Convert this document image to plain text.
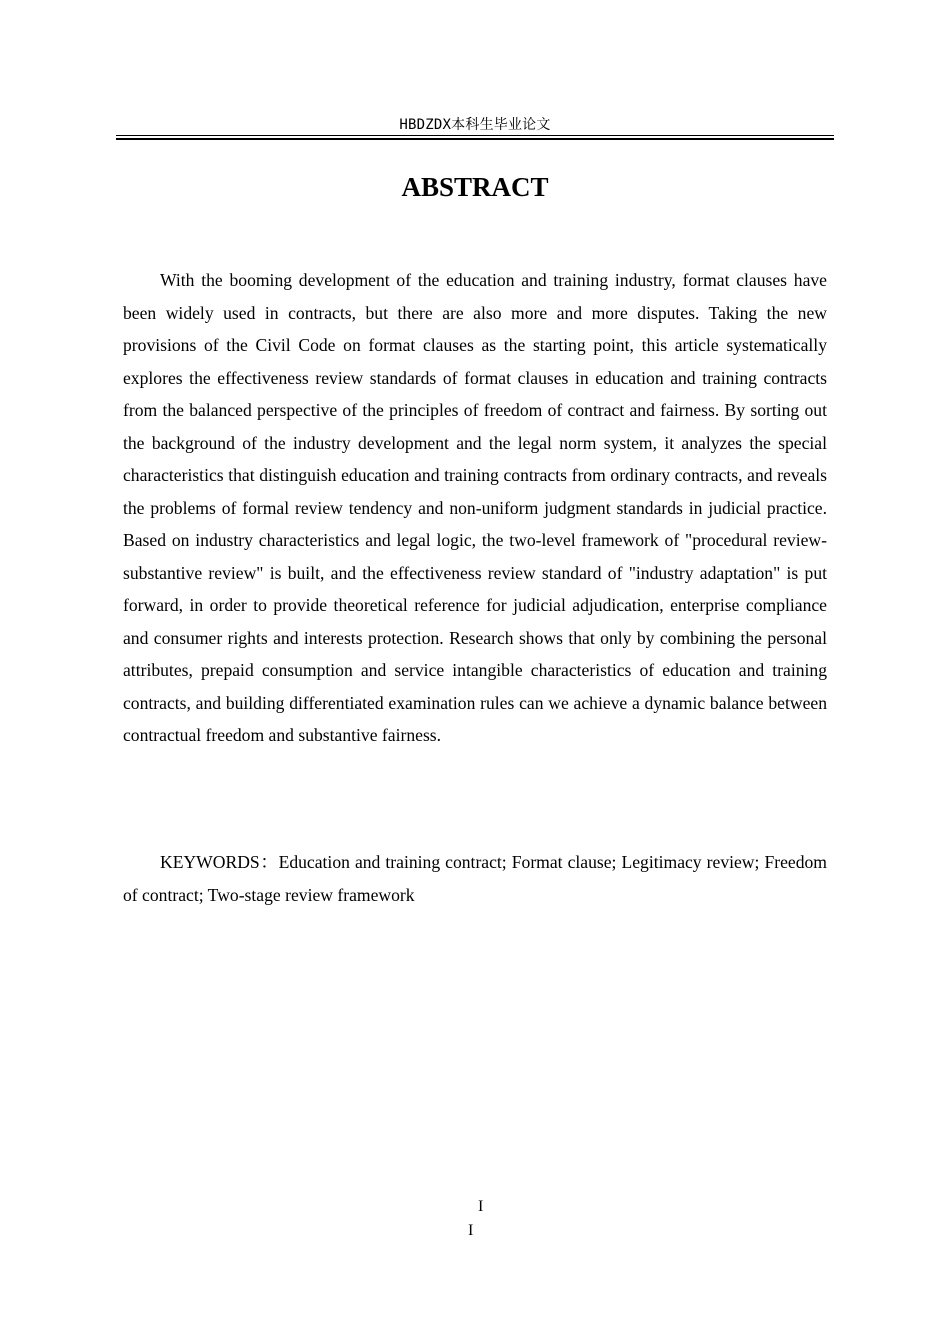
HBDZDX本科生毕业论文
ABSTRACT

With the booming development of the education and training industry, format clauses have been widely used in contracts, but there are also more and more disputes. Taking the new provisions of the Civil Code on format clauses as the starting point, this article systematically explores the effectiveness review standards of format clauses in education and training contracts from the balanced perspective of the principles of freedom of contract and fairness. By sorting out the background of the industry development and the legal norm system, it analyzes the special characteristics that distinguish education and training contracts from ordinary contracts, and reveals the problems of formal review tendency and non-uniform judgment standards in judicial practice. Based on industry characteristics and legal logic, the two-level framework of "procedural review-substantive review" is built, and the effectiveness review standard of "industry adaptation" is put forward, in order to provide theoretical reference for judicial adjudication, enterprise compliance and consumer rights and interests protection. Research shows that only by combining the personal attributes, prepaid consumption and service intangible characteristics of education and training contracts, and building differentiated examination rules can we achieve a dynamic balance between contractual freedom and substantive fairness.

KEYWORDS：Education and training contract; Format clause; Legitimacy review; Freedom of contract; Two-stage review framework

I
I
